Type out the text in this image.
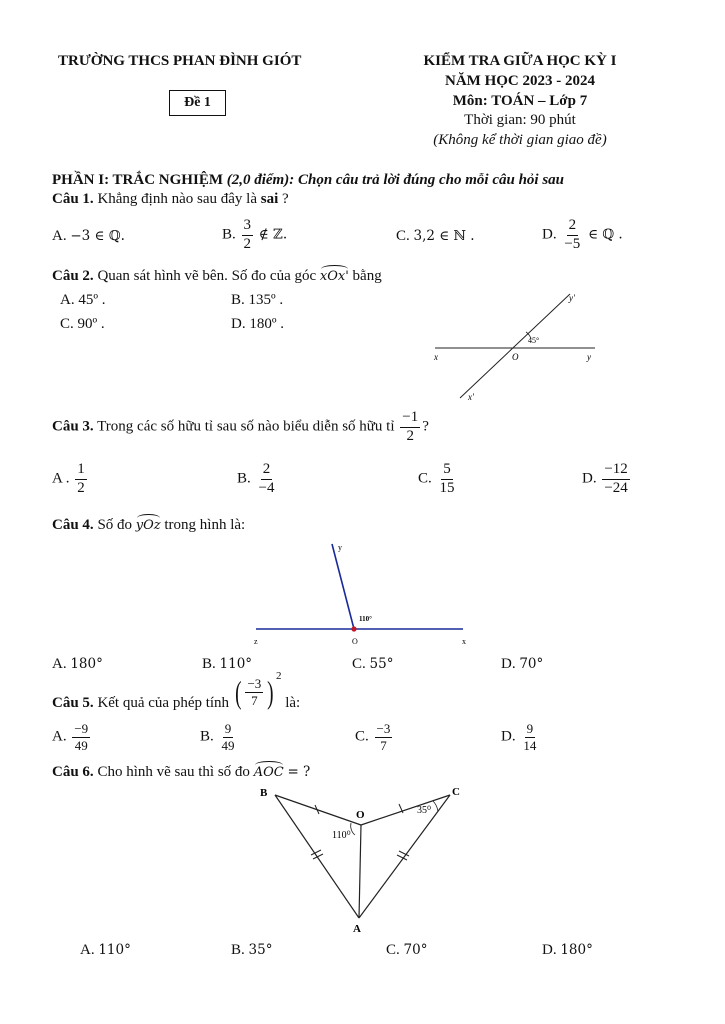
TRƯỜNG THCS PHAN ĐÌNH GIÓT
Đề 1
KIỂM TRA GIỮA HỌC KỲ I
NĂM HỌC 2023 - 2024
Môn: TOÁN – Lớp 7
Thời gian: 90 phút
(Không kể thời gian giao đề)
PHẦN I: TRẮC NGHIỆM (2,0 điểm): Chọn câu trả lời đúng cho mỗi câu hỏi sau
Câu 1. Khẳng định nào sau đây là sai ?
A. −3 ∈ ℚ.	B. $\frac{3}{2}$ ∉ ℤ.	C. 3,2 ∈ ℕ .	D. $\frac{2}{-5}$ ∈ ℚ .
Câu 2. Quan sát hình vẽ bên. Số đo của góc xOx' bằng
A. 45º .	B. 135º .
C. 90º .	D. 180º .
y'
45°
x	O	y
x'
Câu 3. Trong các số hữu tỉ sau số nào biểu diễn số hữu tỉ $\frac{-1}{2}$ ?
A . $\frac{1}{2}$	B. $\frac{2}{-4}$	C. $\frac{5}{15}$	D. $\frac{-12}{-24}$
Câu 4. Số đo yOz trong hình là:
y
110°
z	O	x
A. 180°	B. 110°	C. 55°	D. 70°
Câu 5. Kết quả của phép tính ( $\frac{-3}{7}$ ) $^2$ là:
A. $\frac{-9}{49}$	B. $\frac{9}{49}$	C. $\frac{-3}{7}$	D. $\frac{9}{14}$
Câu 6. Cho hình vẽ sau thì số đo AOC = ?
B	C
O
A
110⁰
35⁰
A. 110°	B. 35°	C. 70°	D. 180°
